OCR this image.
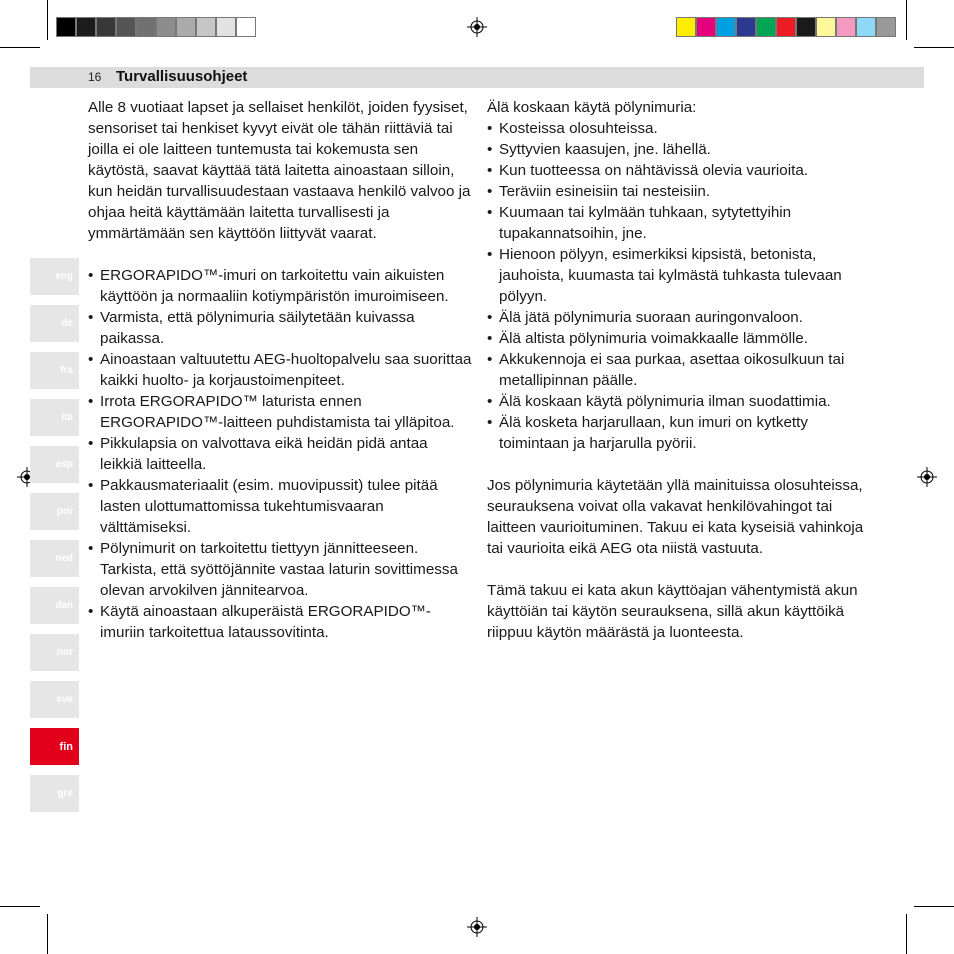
16 Turvallisuusohjeet
eng
de
fra
ita
esp
por
ned
dan
nor
sve
fin
gre

Alle 8 vuotiaat lapset ja sellaiset henkilöt, joiden fyysiset, sensoriset tai henkiset kyvyt eivät ole tähän riittäviä tai joilla ei ole laitteen tuntemusta tai kokemusta sen käytöstä, saavat käyttää tätä laitetta ainoastaan silloin, kun heidän turvallisuudestaan vastaava henkilö valvoo ja ohjaa heitä käyttämään laitetta turvallisesti ja ymmärtämään sen käyttöön liittyvät vaarat.

• ERGORAPIDO™-imuri on tarkoitettu vain aikuisten käyttöön ja normaaliin kotiympäristön imuroimiseen.
• Varmista, että pölynimuria säilytetään kuivassa paikassa.
• Ainoastaan valtuutettu AEG-huoltopalvelu saa suorittaa kaikki huolto- ja korjaustoimenpiteet.
• Irrota ERGORAPIDO™ laturista ennen ERGORAPIDO™-laitteen puhdistamista tai ylläpitoa.
• Pikkulapsia on valvottava eikä heidän pidä antaa leikkiä laitteella.
• Pakkausmateriaalit (esim. muovipussit) tulee pitää lasten ulottumattomissa tukehtumisvaaran välttämiseksi.
• Pölynimurit on tarkoitettu tiettyyn jännitteeseen. Tarkista, että syöttöjännite vastaa laturin sovittimessa olevan arvokilven jännitearvoa.
• Käytä ainoastaan alkuperäistä ERGORAPIDO™-imuriin tarkoitettua lataussovitinta.

Älä koskaan käytä pölynimuria:

• Kosteissa olosuhteissa.
• Syttyvien kaasujen, jne. lähellä.
• Kun tuotteessa on nähtävissä olevia vaurioita.
• Teräviin esineisiin tai nesteisiin.
• Kuumaan tai kylmään tuhkaan, sytytettyihin tupakannatsoihin, jne.
• Hienoon pölyyn, esimerkiksi kipsistä, betonista, jauhoista, kuumasta tai kylmästä tuhkasta tulevaan pölyyn.
• Älä jätä pölynimuria suoraan auringonvaloon.
• Älä altista pölynimuria voimakkaalle lämmölle.
• Akkukennoja ei saa purkaa, asettaa oikosulkuun tai metallipinnan päälle.
• Älä koskaan käytä pölynimuria ilman suodattimia.
• Älä kosketa harjarullaan, kun imuri on kytketty toimintaan ja harjarulla pyörii.

Jos pölynimuria käytetään yllä mainituissa olosuhteissa, seurauksena voivat olla vakavat henkilövahingot tai laitteen vaurioituminen. Takuu ei kata kyseisiä vahinkoja tai vaurioita eikä AEG ota niistä vastuuta.

Tämä takuu ei kata akun käyttöajan vähentymistä akun käyttöiän tai käytön seurauksena, sillä akun käyttöikä riippuu käytön määrästä ja luonteesta.
